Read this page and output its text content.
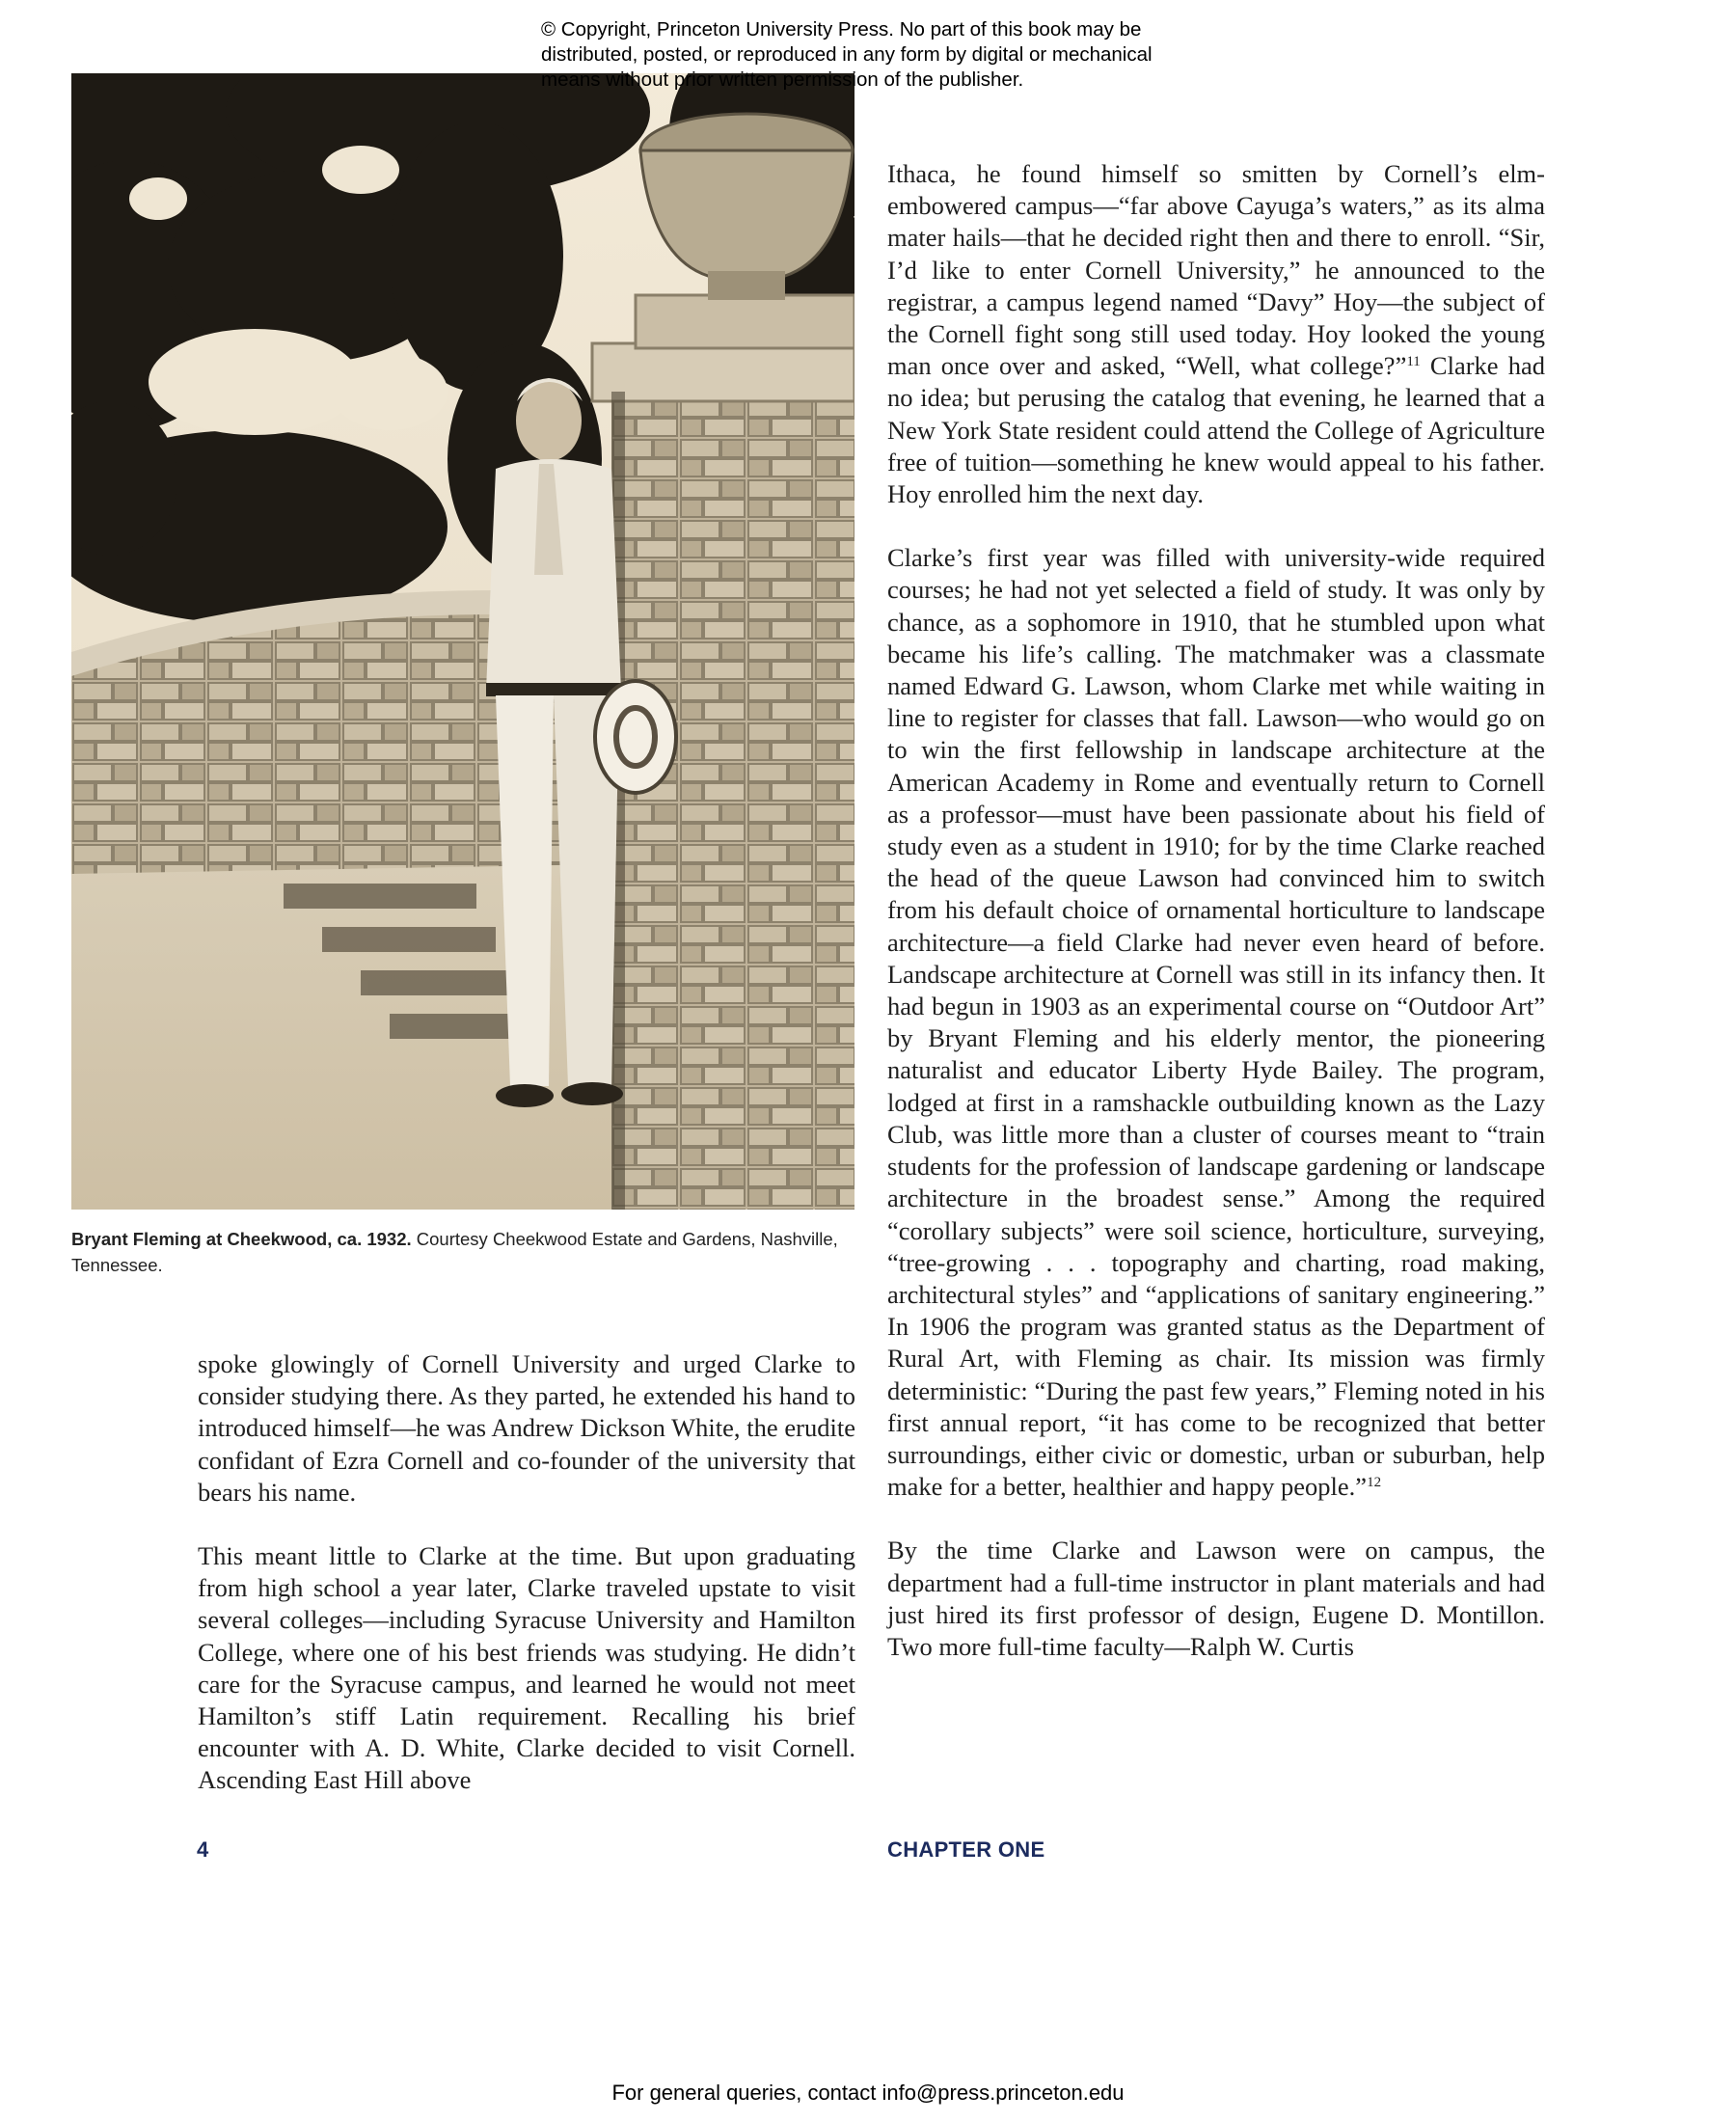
© Copyright, Princeton University Press. No part of this book may be
distributed, posted, or reproduced in any form by digital or mechanical
means without prior written permission of the publisher.
Bryant Fleming at Cheekwood, ca. 1932. Courtesy Cheekwood Estate and Gardens, Nashville, Tennessee.

Ithaca, he found himself so smitten by Cornell’s elm-embowered campus—“far above Cayuga’s waters,” as its alma mater hails—that he decided right then and there to enroll. “Sir, I’d like to enter Cornell University,” he announced to the registrar, a campus legend named “Davy” Hoy—the subject of the Cornell fight song still used today. Hoy looked the young man once over and asked, “Well, what college?”$^{11}$ Clarke had no idea; but perusing the catalog that evening, he learned that a New York State resident could attend the College of Agriculture free of tuition—something he knew would appeal to his father. Hoy enrolled him the next day.

Clarke’s first year was filled with university-wide required courses; he had not yet selected a field of study. It was only by chance, as a sophomore in 1910, that he stumbled upon what became his life’s calling. The matchmaker was a classmate named Edward G. Lawson, whom Clarke met while waiting in line to register for classes that fall. Lawson—who would go on to win the first fellowship in landscape architecture at the American Academy in Rome and eventually return to Cornell as a professor—must have been passionate about his field of study even as a student in 1910; for by the time Clarke reached the head of the queue Lawson had convinced him to switch from his default choice of ornamental horticulture to landscape architecture—a field Clarke had never even heard of before. Landscape architecture at Cornell was still in its infancy then. It had begun in 1903 as an experimental course on “Outdoor Art” by Bryant Fleming and his elderly mentor, the pioneering naturalist and educator Liberty Hyde Bailey. The program, lodged at first in a ramshackle outbuilding known as the Lazy Club, was little more than a cluster of courses meant to “train students for the profession of landscape gardening or landscape architecture in the broadest sense.” Among the required “corollary subjects” were soil science, horticulture, surveying, “tree-growing . . . topography and charting, road making, architectural styles” and “applications of sanitary engineering.” In 1906 the program was granted status as the Department of Rural Art, with Fleming as chair. Its mission was firmly deterministic: “During the past few years,” Fleming noted in his first annual report, “it has come to be recognized that better surroundings, either civic or domestic, urban or suburban, help make for a better, healthier and happy people.”$^{12}$

By the time Clarke and Lawson were on campus, the department had a full-time instructor in plant materials and had just hired its first professor of design, Eugene D. Montillon. Two more full-time faculty—Ralph W. Curtis

spoke glowingly of Cornell University and urged Clarke to consider studying there. As they parted, he extended his hand to introduced himself—he was Andrew Dickson White, the erudite confidant of Ezra Cornell and co-founder of the university that bears his name.

This meant little to Clarke at the time. But upon graduating from high school a year later, Clarke traveled upstate to visit several colleges—including Syracuse University and Hamilton College, where one of his best friends was studying. He didn’t care for the Syracuse campus, and learned he would not meet Hamilton’s stiff Latin requirement. Recalling his brief encounter with A. D. White, Clarke decided to visit Cornell. Ascending East Hill above

4	CHAPTER ONE
For general queries, contact info@press.princeton.edu
